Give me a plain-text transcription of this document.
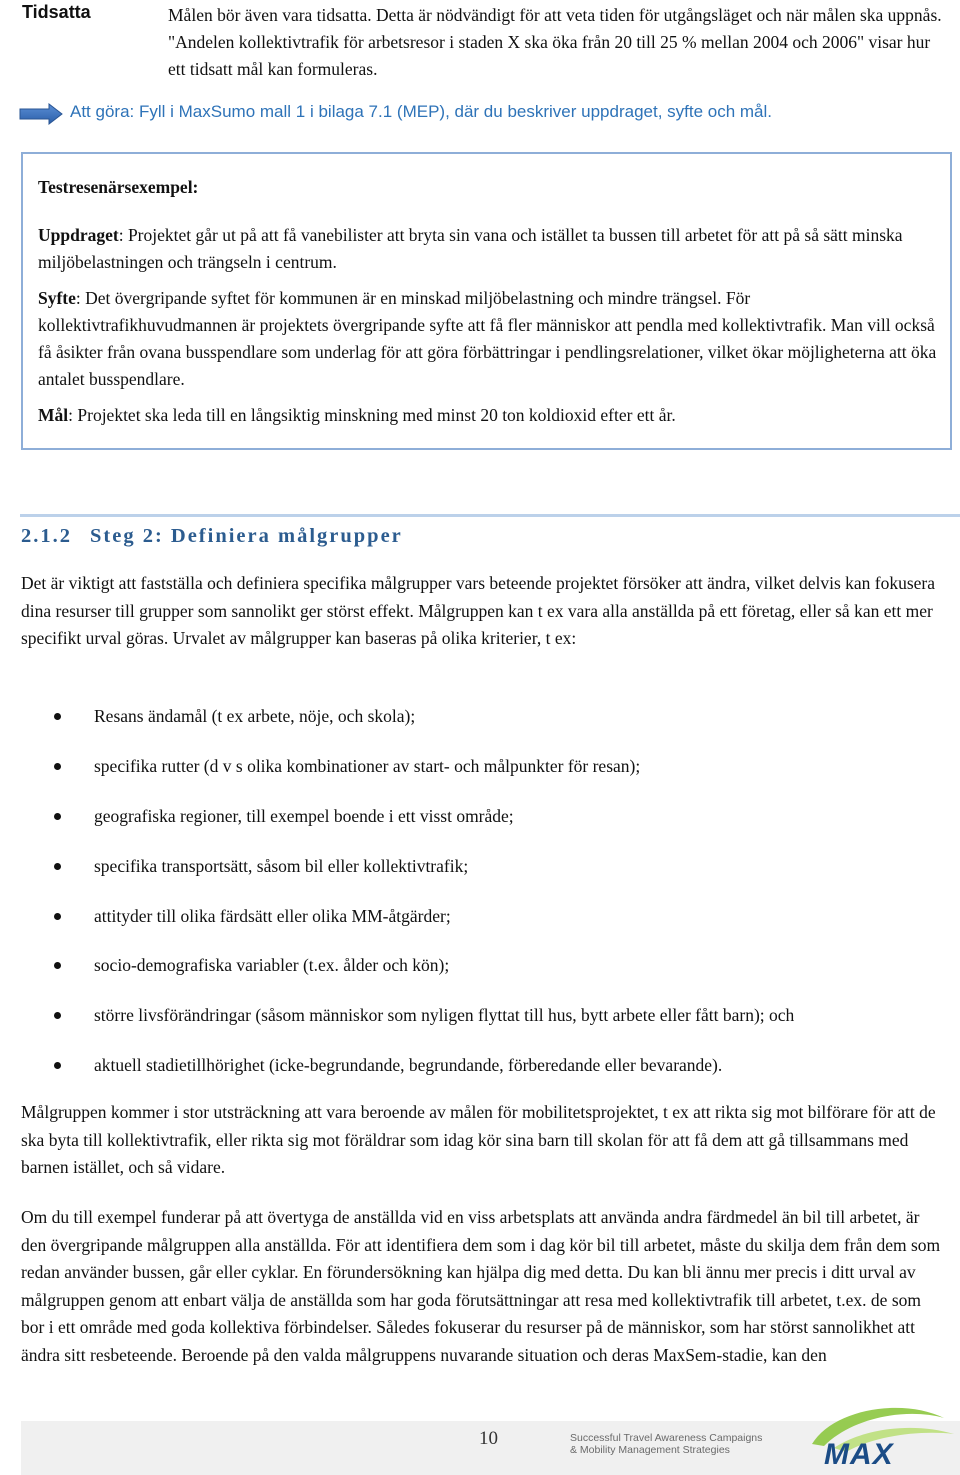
Tidsatta	Målen bör även vara tidsatta. Detta är nödvändigt för att veta tiden för utgångsläget och när målen ska uppnås. "Andelen kollektivtrafik för arbetsresor i staden X ska öka från 20 till 25 % mellan 2004 och 2006" visar hur ett tidsatt mål kan formuleras.
Att göra: Fyll i MaxSumo mall 1 i bilaga 7.1 (MEP), där du beskriver uppdraget, syfte och mål.

Testresenärsexempel:

Uppdraget: Projektet går ut på att få vanebilister att bryta sin vana och istället ta bussen till arbetet för att på så sätt minska miljöbelastningen och trängseln i centrum.

Syfte: Det övergripande syftet för kommunen är en minskad miljöbelastning och mindre trängsel. För kollektivtrafikhuvudmannen är projektets övergripande syfte att få fler människor att pendla med kollektivtrafik. Man vill också få åsikter från ovana busspendlare som underlag för att göra förbättringar i pendlingsrelationer, vilket ökar möjligheterna att öka antalet busspendlare.

Mål: Projektet ska leda till en långsiktig minskning med minst 20 ton koldioxid efter ett år.

2.1.2 Steg 2: Definiera målgrupper

Det är viktigt att fastställa och definiera specifika målgrupper vars beteende projektet försöker att ändra, vilket delvis kan fokusera dina resurser till grupper som sannolikt ger störst effekt. Målgruppen kan t ex vara alla anställda på ett företag, eller så kan ett mer specifikt urval göras. Urvalet av målgrupper kan baseras på olika kriterier, t ex:

Resans ändamål (t ex arbete, nöje, och skola);
specifika rutter (d v s olika kombinationer av start- och målpunkter för resan);
geografiska regioner, till exempel boende i ett visst område;
specifika transportsätt, såsom bil eller kollektivtrafik;
attityder till olika färdsätt eller olika MM-åtgärder;
socio-demografiska variabler (t.ex. ålder och kön);
större livsförändringar (såsom människor som nyligen flyttat till hus, bytt arbete eller fått barn); och
aktuell stadietillhörighet (icke-begrundande, begrundande, förberedande eller bevarande).

Målgruppen kommer i stor utsträckning att vara beroende av målen för mobilitetsprojektet, t ex att rikta sig mot bilförare för att de ska byta till kollektivtrafik, eller rikta sig mot föräldrar som idag kör sina barn till skolan för att få dem att gå tillsammans med barnen istället, och så vidare.

Om du till exempel funderar på att övertyga de anställda vid en viss arbetsplats att använda andra färdmedel än bil till arbetet, är den övergripande målgruppen alla anställda. För att identifiera dem som i dag kör bil till arbetet, måste du skilja dem från dem som redan använder bussen, går eller cyklar. En förundersökning kan hjälpa dig med detta. Du kan bli ännu mer precis i ditt urval av målgruppen genom att enbart välja de anställda som har goda förutsättningar att resa med kollektivtrafik till arbetet, t.ex. de som bor i ett område med goda kollektiva förbindelser. Således fokuserar du resurser på de människor, som har störst sannolikhet att ändra sitt resbeteende. Beroende på den valda målgruppens nuvarande situation och deras MaxSem-stadie, kan den

10	Successful Travel Awareness Campaigns
& Mobility Management Strategies	MAX
